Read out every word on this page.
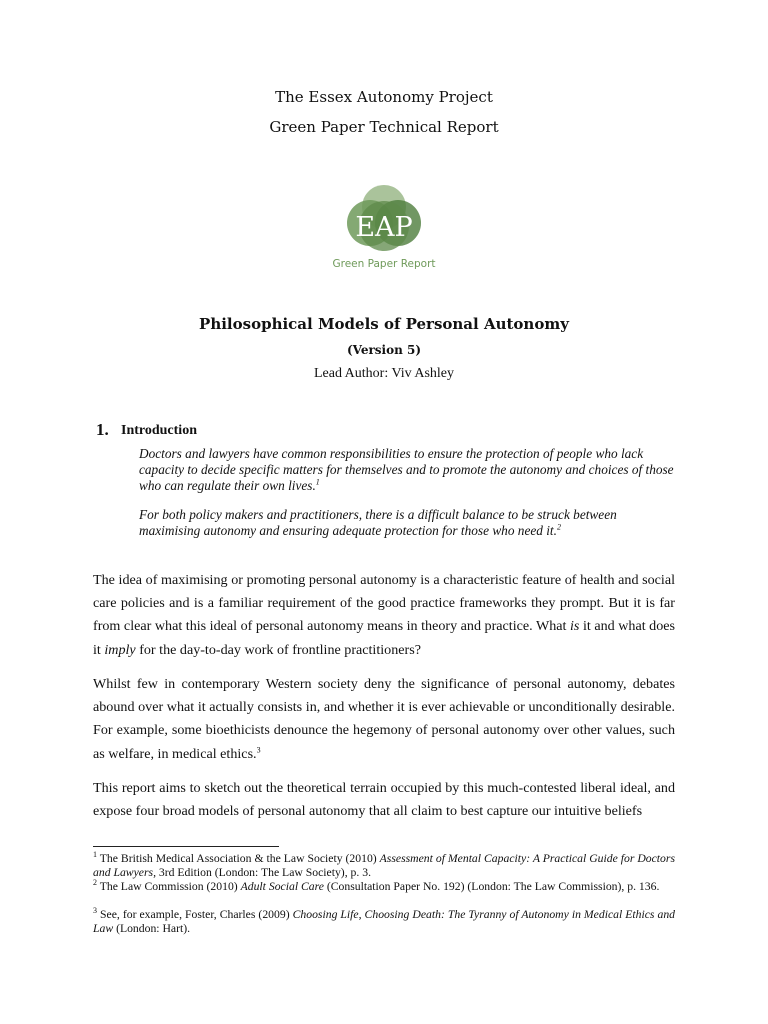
The Essex Autonomy Project
Green Paper Technical Report
EAP
Green Paper Report
Philosophical Models of Personal Autonomy
(Version 5)
Lead Author: Viv Ashley
1. Introduction
Doctors and lawyers have common responsibilities to ensure the protection of people who lack capacity to decide specific matters for themselves and to promote the autonomy and choices of those who can regulate their own lives.$^1$
For both policy makers and practitioners, there is a difficult balance to be struck between maximising autonomy and ensuring adequate protection for those who need it.$^2$
The idea of maximising or promoting personal autonomy is a characteristic feature of health and social care policies and is a familiar requirement of the good practice frameworks they prompt. But it is far from clear what this ideal of personal autonomy means in theory and practice. What is it and what does it imply for the day-to-day work of frontline practitioners?
Whilst few in contemporary Western society deny the significance of personal autonomy, debates abound over what it actually consists in, and whether it is ever achievable or unconditionally desirable. For example, some bioethicists denounce the hegemony of personal autonomy over other values, such as welfare, in medical ethics.$^3$
This report aims to sketch out the theoretical terrain occupied by this much-contested liberal ideal, and expose four broad models of personal autonomy that all claim to best capture our intuitive beliefs
$^1$ The British Medical Association & the Law Society (2010) Assessment of Mental Capacity: A Practical Guide for Doctors and Lawyers, 3rd Edition (London: The Law Society), p. 3.
$^2$ The Law Commission (2010) Adult Social Care (Consultation Paper No. 192) (London: The Law Commission), p. 136.
$^3$ See, for example, Foster, Charles (2009) Choosing Life, Choosing Death: The Tyranny of Autonomy in Medical Ethics and Law (London: Hart).
